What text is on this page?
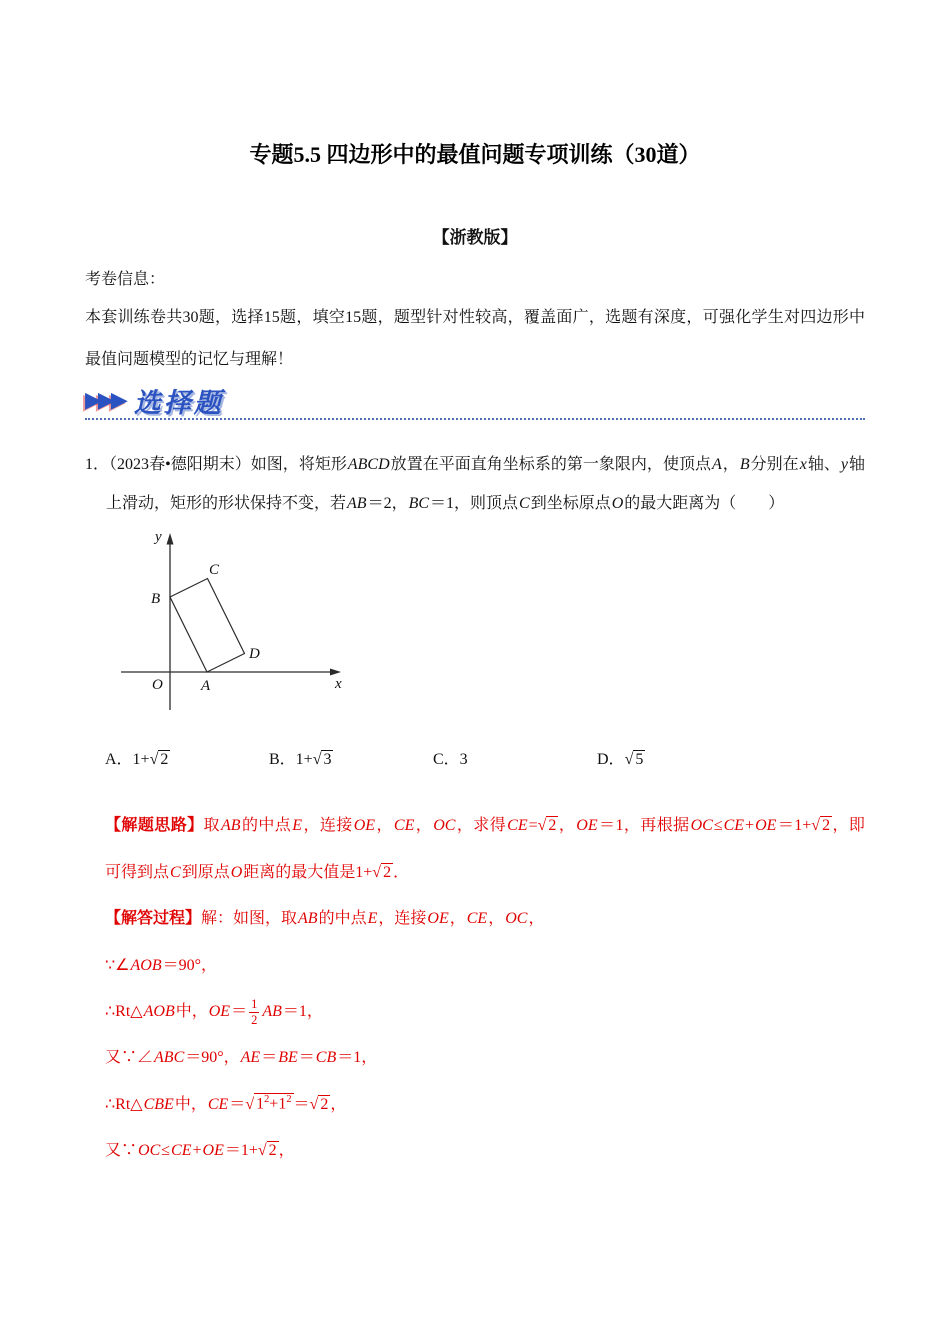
专题5.5 四边形中的最值问题专项训练（30道）
【浙教版】
考卷信息：

本套训练卷共30题，选择15题，填空15题，题型针对性较高，覆盖面广，选题有深度，可强化学生对四边形中最值问题模型的记忆与理解！

▶▶▶ 选择题

1．（2023春•德阳期末）如图，将矩形ABCD放置在平面直角坐标系的第一象限内，使顶点A，B分别在x轴、y轴上滑动，矩形的形状保持不变，若AB＝2，BC＝1，则顶点C到坐标原点O的最大距离为（　　）

y
x
O	A
B
C
D
A．1+√ 2	B．1+√ 3	C．3	D．√ 5

【解题思路】取AB的中点E，连接OE，CE，OC，求得CE=√ 2 ，OE＝1，再根据OC≤CE+OE＝1+√ 2 ，即可得到点C到原点O距离的最大值是1+√ 2 ．

【解答过程】解：如图，取AB的中点E，连接OE，CE，OC，

∵∠AOB＝90°，

∴Rt△AOB中，$OE= \frac{1}{2} AB=1$，

又∵∠ABC＝90°，AE＝BE＝CB＝1，

∴Rt△CBE中，CE＝√ $1^2+1^2$ ＝√ 2 ，

又∵OC≤CE+OE＝1+√ 2 ，
